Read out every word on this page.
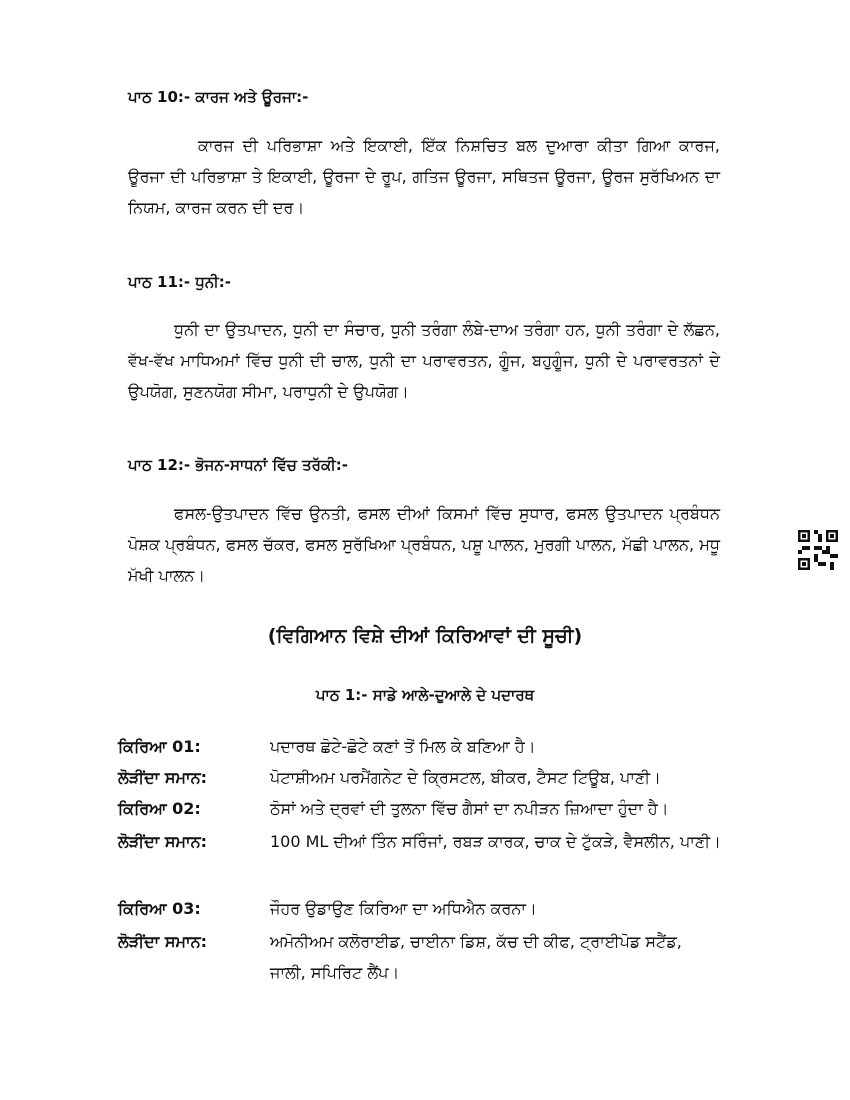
ਪਾਠ 10:- ਕਾਰਜ ਅਤੇ ਊਰਜਾ:-
ਕਾਰਜ ਦੀ ਪਰਿਭਾਸ਼ਾ ਅਤੇ ਇਕਾਈ, ਇੱਕ ਨਿਸ਼ਚਿਤ ਬਲ ਦੁਆਰਾ ਕੀਤਾ ਗਿਆ ਕਾਰਜ, ਊਰਜਾ ਦੀ ਪਰਿਭਾਸ਼ਾ ਤੇ ਇਕਾਈ, ਊਰਜਾ ਦੇ ਰੂਪ, ਗਤਿਜ ਊਰਜਾ, ਸਥਿਤਜ ਊਰਜਾ, ਊਰਜ ਸੁਰੱਖਿਅਨ ਦਾ ਨਿਯਮ, ਕਾਰਜ ਕਰਨ ਦੀ ਦਰ।
ਪਾਠ 11:- ਧੁਨੀ:-
ਧੁਨੀ ਦਾ ਉਤਪਾਦਨ, ਧੁਨੀ ਦਾ ਸੰਚਾਰ, ਧੁਨੀ ਤਰੰਗਾ ਲੰਬੇ-ਦਾਅ ਤਰੰਗਾ ਹਨ, ਧੁਨੀ ਤਰੰਗਾ ਦੇ ਲੱਛਨ, ਵੱਖ-ਵੱਖ ਮਾਧਿਅਮਾਂ ਵਿੱਚ ਧੁਨੀ ਦੀ ਚਾਲ, ਧੁਨੀ ਦਾ ਪਰਾਵਰਤਨ, ਗੂੰਜ, ਬਹੁਗੂੰਜ, ਧੁਨੀ ਦੇ ਪਰਾਵਰਤਨਾਂ ਦੇ ਉਪਯੋਗ, ਸੁਣਨਯੋਗ ਸੀਮਾ, ਪਰਾਧੁਨੀ ਦੇ ਉਪਯੋਗ।
ਪਾਠ 12:- ਭੋਜਨ-ਸਾਧਨਾਂ ਵਿੱਚ ਤਰੱਕੀ:-
ਫਸਲ-ਉਤਪਾਦਨ ਵਿੱਚ ਉਨਤੀ, ਫਸਲ ਦੀਆਂ ਕਿਸਮਾਂ ਵਿੱਚ ਸੁਧਾਰ, ਫਸਲ ਉਤਪਾਦਨ ਪ੍ਰਬੰਧਨ ਪੋਸ਼ਕ ਪ੍ਰਬੰਧਨ, ਫਸਲ ਚੱਕਰ, ਫਸਲ ਸੁਰੱਖਿਆ ਪ੍ਰਬੰਧਨ, ਪਸ਼ੂ ਪਾਲਨ, ਮੁਰਗੀ ਪਾਲਨ, ਮੱਛੀ ਪਾਲਨ, ਮਧੂ ਮੱਖੀ ਪਾਲਨ।
(ਵਿਗਿਆਨ ਵਿਸ਼ੇ ਦੀਆਂ ਕਿਰਿਆਵਾਂ ਦੀ ਸੂਚੀ)
ਪਾਠ 1:- ਸਾਡੇ ਆਲੇ-ਦੁਆਲੇ ਦੇ ਪਦਾਰਥ
ਕਿਰਿਆ 01:	ਪਦਾਰਥ ਛੋਟੇ-ਛੋਟੇ ਕਣਾਂ ਤੋਂ ਮਿਲ ਕੇ ਬਣਿਆ ਹੈ।
ਲੋੜੀਂਦਾ ਸਮਾਨ:	ਪੋਟਾਸ਼ੀਅਮ ਪਰਮੈਂਗਨੇਟ ਦੇ ਕ੍ਰਿਸਟਲ, ਬੀਕਰ, ਟੈਸਟ ਟਿਊਬ, ਪਾਣੀ।
ਕਿਰਿਆ 02:	ਠੋਸਾਂ ਅਤੇ ਦ੍ਰਵਾਂ ਦੀ ਤੁਲਨਾ ਵਿੱਚ ਗੈਸਾਂ ਦਾ ਨਪੀੜਨ ਜ਼ਿਆਦਾ ਹੁੰਦਾ ਹੈ।
ਲੋੜੀਂਦਾ ਸਮਾਨ:	100 ML ਦੀਆਂ ਤਿੰਨ ਸਰਿੰਜਾਂ, ਰਬੜ ਕਾਰਕ, ਚਾਕ ਦੇ ਟੁੱਕੜੇ, ਵੈਸਲੀਨ, ਪਾਣੀ।
ਕਿਰਿਆ 03:	ਜੌਹਰ ਉਡਾਉਣ ਕਿਰਿਆ ਦਾ ਅਧਿਐਨ ਕਰਨਾ।
ਲੋੜੀਂਦਾ ਸਮਾਨ:	ਅਮੋਨੀਅਮ ਕਲੋਰਾਈਡ, ਚਾਈਨਾ ਡਿਸ਼, ਕੱਚ ਦੀ ਕੀਫ, ਟ੍ਰਾਈਪੋਡ ਸਟੈਂਡ, ਜਾਲੀ, ਸਪਿਰਿਟ ਲੈਂਪ।
